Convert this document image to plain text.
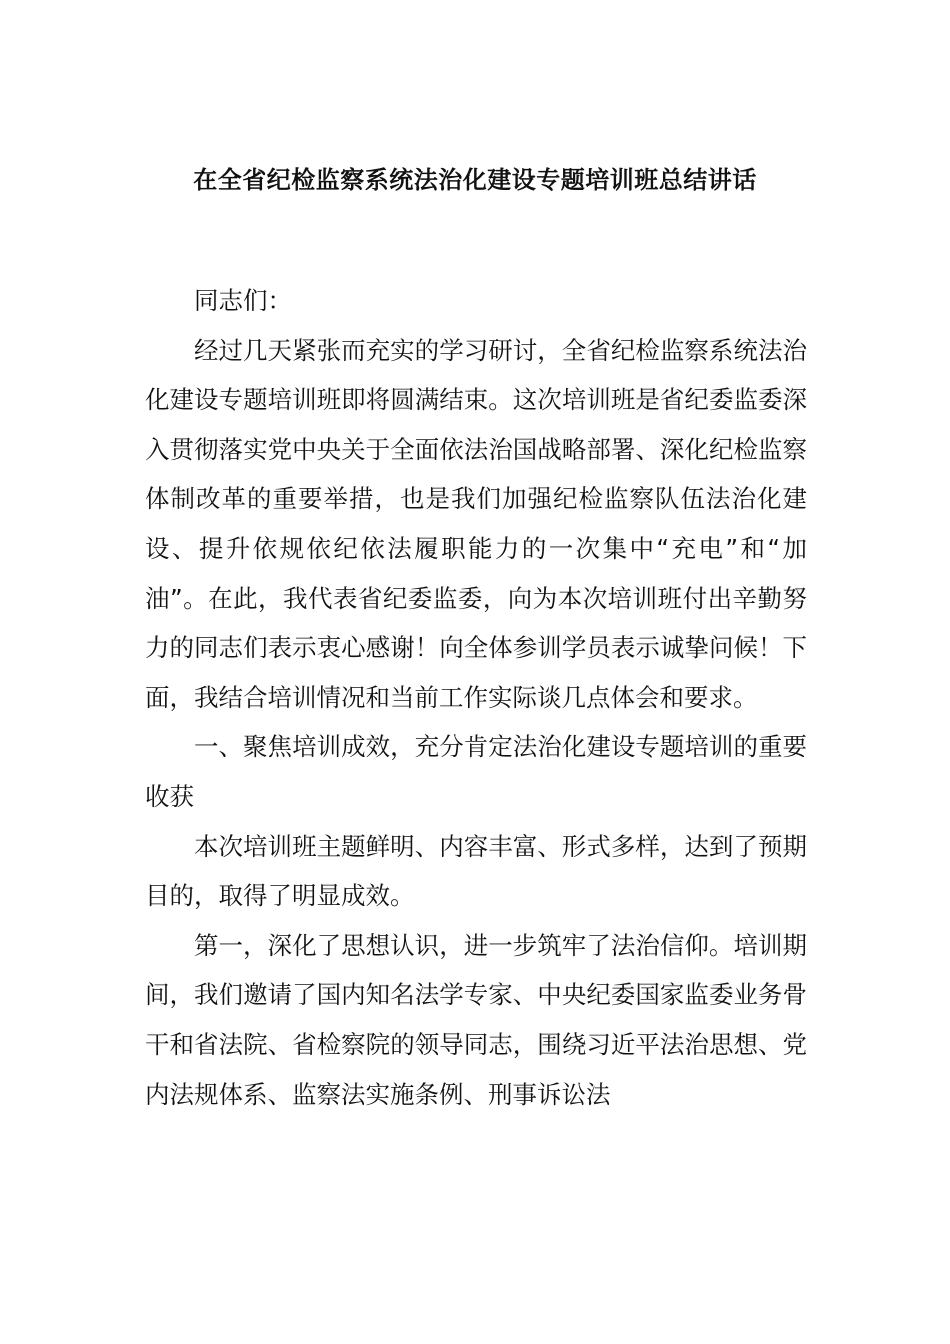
在全省纪检监察系统法治化建设专题培训班总结讲话

同志们：

经过几天紧张而充实的学习研讨，全省纪检监察系统法治化建设专题培训班即将圆满结束。这次培训班是省纪委监委深入贯彻落实党中央关于全面依法治国战略部署、深化纪检监察体制改革的重要举措，也是我们加强纪检监察队伍法治化建设、提升依规依纪依法履职能力的一次集中“充电”和“加油”。在此，我代表省纪委监委，向为本次培训班付出辛勤努力的同志们表示衷心感谢！向全体参训学员表示诚挚问候！下面，我结合培训情况和当前工作实际谈几点体会和要求。

一、聚焦培训成效，充分肯定法治化建设专题培训的重要收获

本次培训班主题鲜明、内容丰富、形式多样，达到了预期目的，取得了明显成效。

第一，深化了思想认识，进一步筑牢了法治信仰。培训期间，我们邀请了国内知名法学专家、中央纪委国家监委业务骨干和省法院、省检察院的领导同志，围绕习近平法治思想、党内法规体系、监察法实施条例、刑事诉讼法
